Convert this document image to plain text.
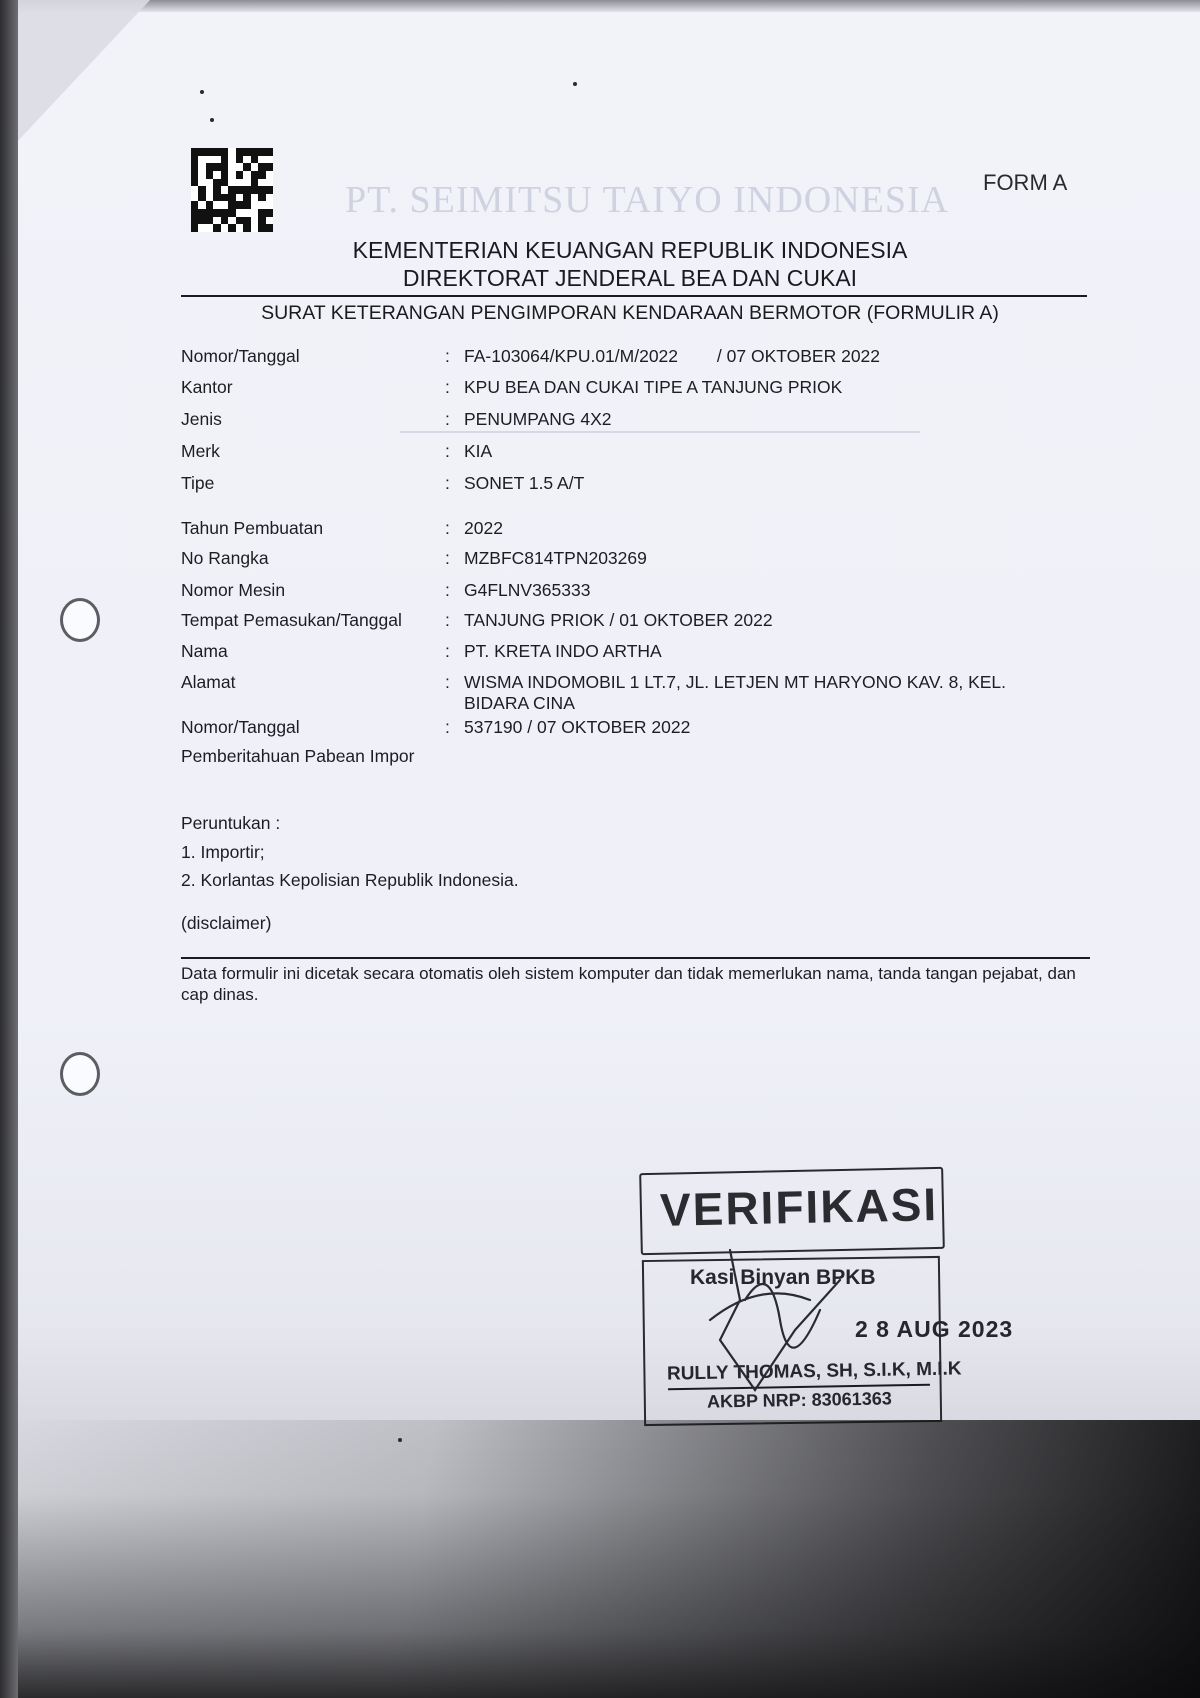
PT. SEIMITSU TAIYO INDONESIA FORM A
KEMENTERIAN KEUANGAN REPUBLIK INDONESIA
DIREKTORAT JENDERAL BEA DAN CUKAI
SURAT KETERANGAN PENGIMPORAN KENDARAAN BERMOTOR (FORMULIR A)
Nomor/Tanggal	: FA-103064/KPU.01/M/2022        / 07 OKTOBER 2022
Kantor	: KPU BEA DAN CUKAI TIPE A TANJUNG PRIOK
Jenis	: PENUMPANG 4X2
Merk	: KIA
Tipe	: SONET 1.5 A/T
Tahun Pembuatan	: 2022
No Rangka	: MZBFC814TPN203269
Nomor Mesin	: G4FLNV365333
Tempat Pemasukan/Tanggal : TANJUNG PRIOK / 01 OKTOBER 2022
Nama	: PT. KRETA INDO ARTHA
Alamat	: WISMA INDOMOBIL 1 LT.7, JL. LETJEN MT HARYONO KAV. 8, KEL. BIDARA CINA
Nomor/Tanggal	: 537190 / 07 OKTOBER 2022
Pemberitahuan Pabean Impor
Peruntukan :
1. Importir;
2. Korlantas Kepolisian Republik Indonesia.
(disclaimer)
Data formulir ini dicetak secara otomatis oleh sistem komputer dan tidak memerlukan nama, tanda tangan pejabat, dan cap dinas.
VERIFIKASI
Kasi Binyan BPKB
2 8 AUG 2023
RULLY THOMAS, SH, S.I.K, M.I.K
AKBP NRP: 83061363
